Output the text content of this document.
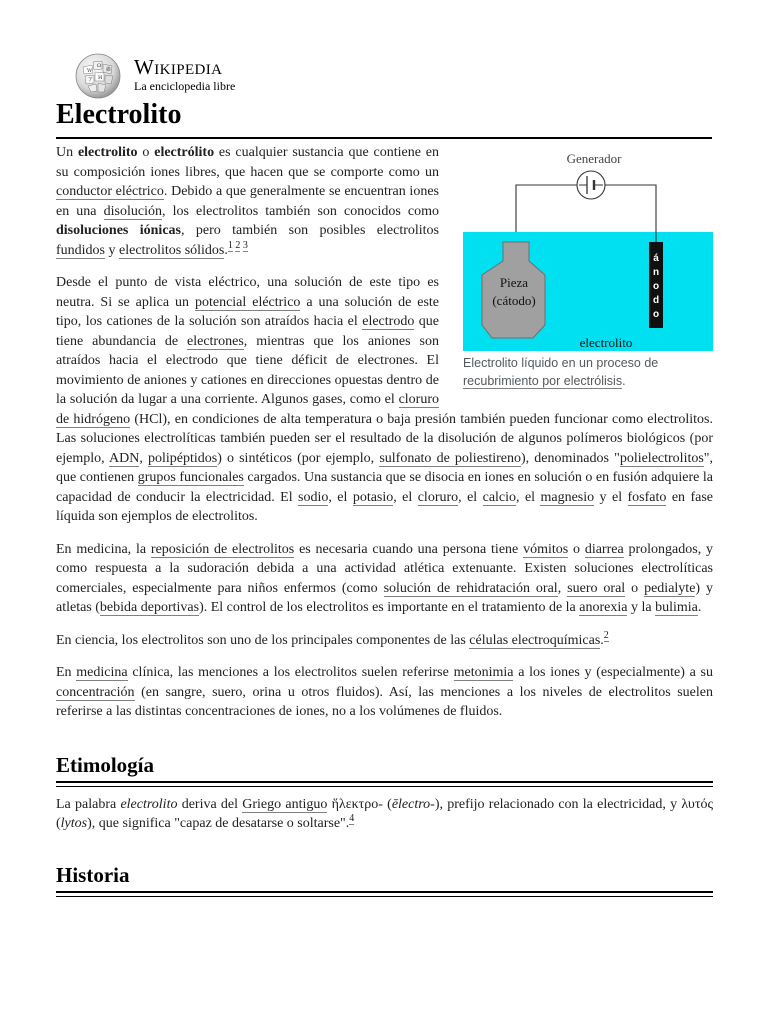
W
Ω
И
ア
維 Wikipedia
La enciclopedia libre
Electrolito
Generador
Pieza
(cátodo)
á
n
o
d
o
electrolito
Electrolito líquido en un proceso de recubrimiento por electrólisis.

Un electrolito o electrólito es cualquier sustancia que contiene en su composición iones libres, que hacen que se comporte como un conductor eléctrico. Debido a que generalmente se encuentran iones en una disolución, los electrolitos también son conocidos como disoluciones iónicas, pero también son posibles electrolitos fundidos y electrolitos sólidos.$^{1 2 3}$

Desde el punto de vista eléctrico, una solución de este tipo es neutra. Si se aplica un potencial eléctrico a una solución de este tipo, los cationes de la solución son atraídos hacia el electrodo que tiene abundancia de electrones, mientras que los aniones son atraídos hacia el electrodo que tiene déficit de electrones. El movimiento de aniones y cationes en direcciones opuestas dentro de la solución da lugar a una corriente. Algunos gases, como el cloruro de hidrógeno (HCl), en condiciones de alta temperatura o baja presión también pueden funcionar como electrolitos. Las soluciones electrolíticas también pueden ser el resultado de la disolución de algunos polímeros biológicos (por ejemplo, ADN, polipéptidos) o sintéticos (por ejemplo, sulfonato de poliestireno), denominados "polielectrolitos", que contienen grupos funcionales cargados. Una sustancia que se disocia en iones en solución o en fusión adquiere la capacidad de conducir la electricidad. El sodio, el potasio, el cloruro, el calcio, el magnesio y el fosfato en fase líquida son ejemplos de electrolitos.

En medicina, la reposición de electrolitos es necesaria cuando una persona tiene vómitos o diarrea prolongados, y como respuesta a la sudoración debida a una actividad atlética extenuante. Existen soluciones electrolíticas comerciales, especialmente para niños enfermos (como solución de rehidratación oral, suero oral o pedialyte) y atletas (bebida deportivas). El control de los electrolitos es importante en el tratamiento de la anorexia y la bulimia.

En ciencia, los electrolitos son uno de los principales componentes de las células electroquímicas.$^2$

En medicina clínica, las menciones a los electrolitos suelen referirse metonimia a los iones y (especialmente) a su concentración (en sangre, suero, orina u otros fluidos). Así, las menciones a los niveles de electrolitos suelen referirse a las distintas concentraciones de iones, no a los volúmenes de fluidos.

Etimología

La palabra electrolito deriva del Griego antiguo ἥλεκτρο- (ēlectro-), prefijo relacionado con la electricidad, y λυτός (lytos), que significa "capaz de desatarse o soltarse".$^4$

Historia
